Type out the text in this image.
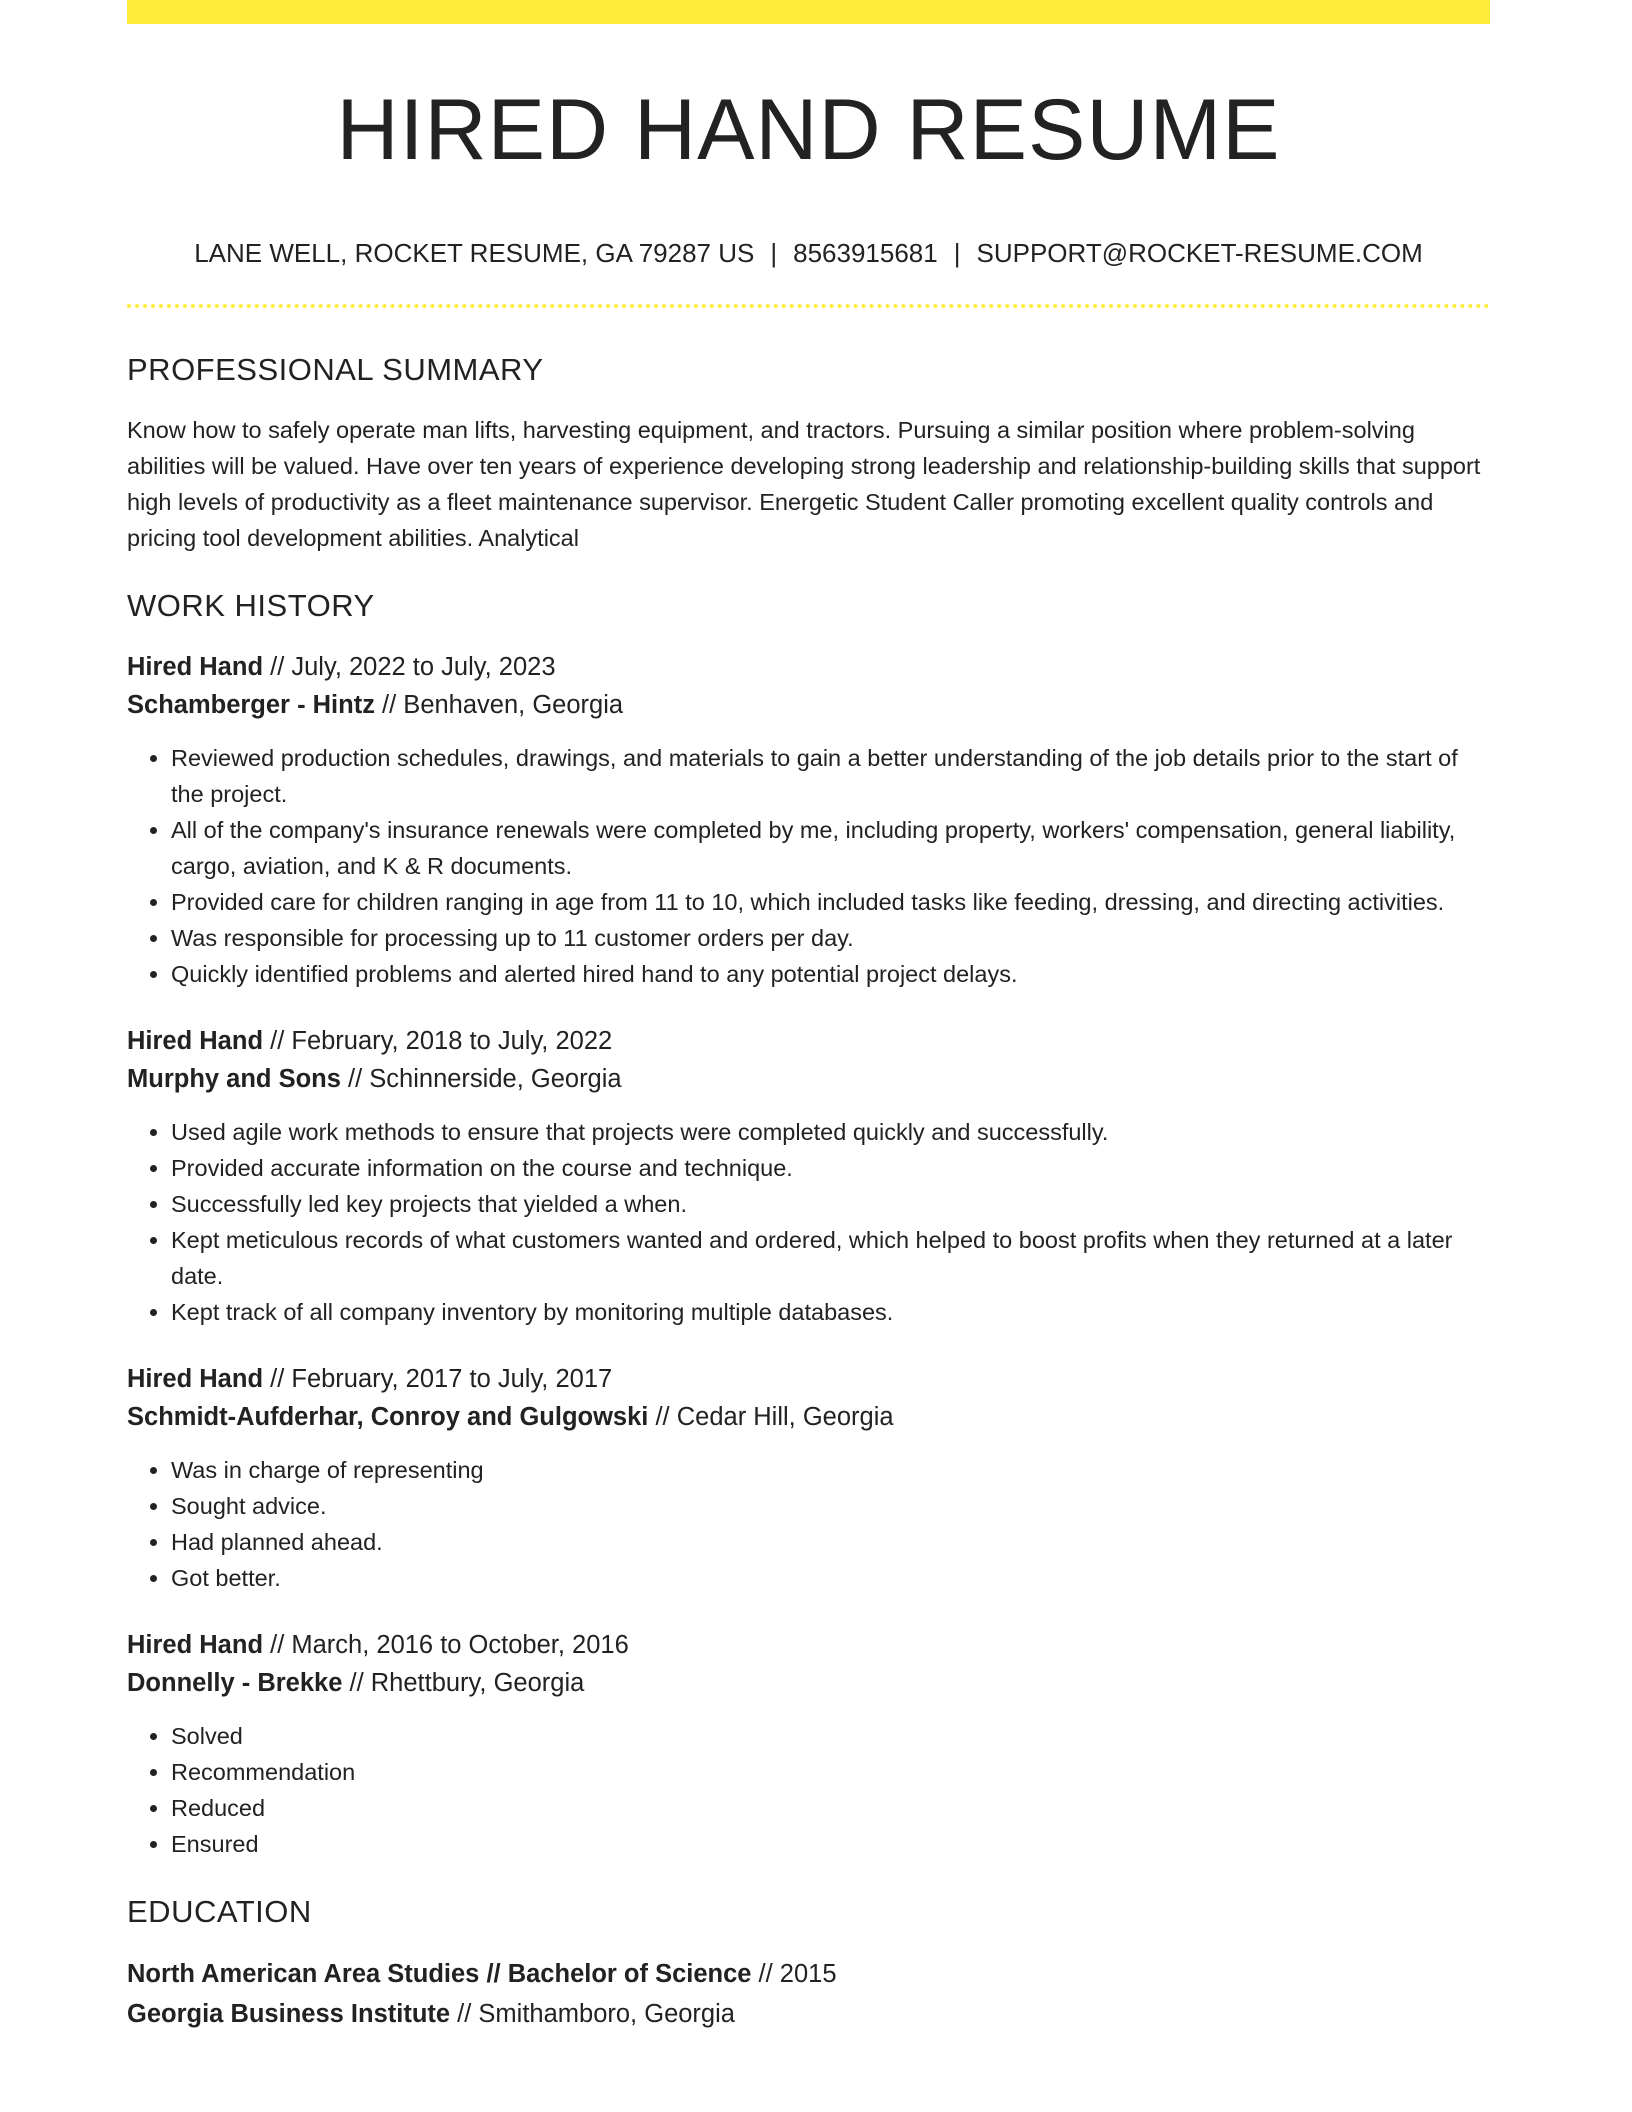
HIRED HAND RESUME
LANE WELL, ROCKET RESUME, GA 79287 US | 8563915681 | SUPPORT@ROCKET-RESUME.COM
PROFESSIONAL SUMMARY

Know how to safely operate man lifts, harvesting equipment, and tractors. Pursuing a similar position where problem-solving abilities will be valued. Have over ten years of experience developing strong leadership and relationship-building skills that support high levels of productivity as a fleet maintenance supervisor. Energetic Student Caller promoting excellent quality controls and pricing tool development abilities. Analytical

WORK HISTORY
Hired Hand // July, 2022 to July, 2023
Schamberger - Hintz // Benhaven, Georgia
• Reviewed production schedules, drawings, and materials to gain a better understanding of the job details prior to the start of the project.
• All of the company's insurance renewals were completed by me, including property, workers' compensation, general liability, cargo, aviation, and K & R documents.
• Provided care for children ranging in age from 11 to 10, which included tasks like feeding, dressing, and directing activities.
• Was responsible for processing up to 11 customer orders per day.
• Quickly identified problems and alerted hired hand to any potential project delays.
Hired Hand // February, 2018 to July, 2022
Murphy and Sons // Schinnerside, Georgia
• Used agile work methods to ensure that projects were completed quickly and successfully.
• Provided accurate information on the course and technique.
• Successfully led key projects that yielded a when.
• Kept meticulous records of what customers wanted and ordered, which helped to boost profits when they returned at a later date.
• Kept track of all company inventory by monitoring multiple databases.
Hired Hand // February, 2017 to July, 2017
Schmidt-Aufderhar, Conroy and Gulgowski // Cedar Hill, Georgia
• Was in charge of representing
• Sought advice.
• Had planned ahead.
• Got better.
Hired Hand // March, 2016 to October, 2016
Donnelly - Brekke // Rhettbury, Georgia
• Solved
• Recommendation
• Reduced
• Ensured
EDUCATION
North American Area Studies // Bachelor of Science // 2015
Georgia Business Institute // Smithamboro, Georgia
